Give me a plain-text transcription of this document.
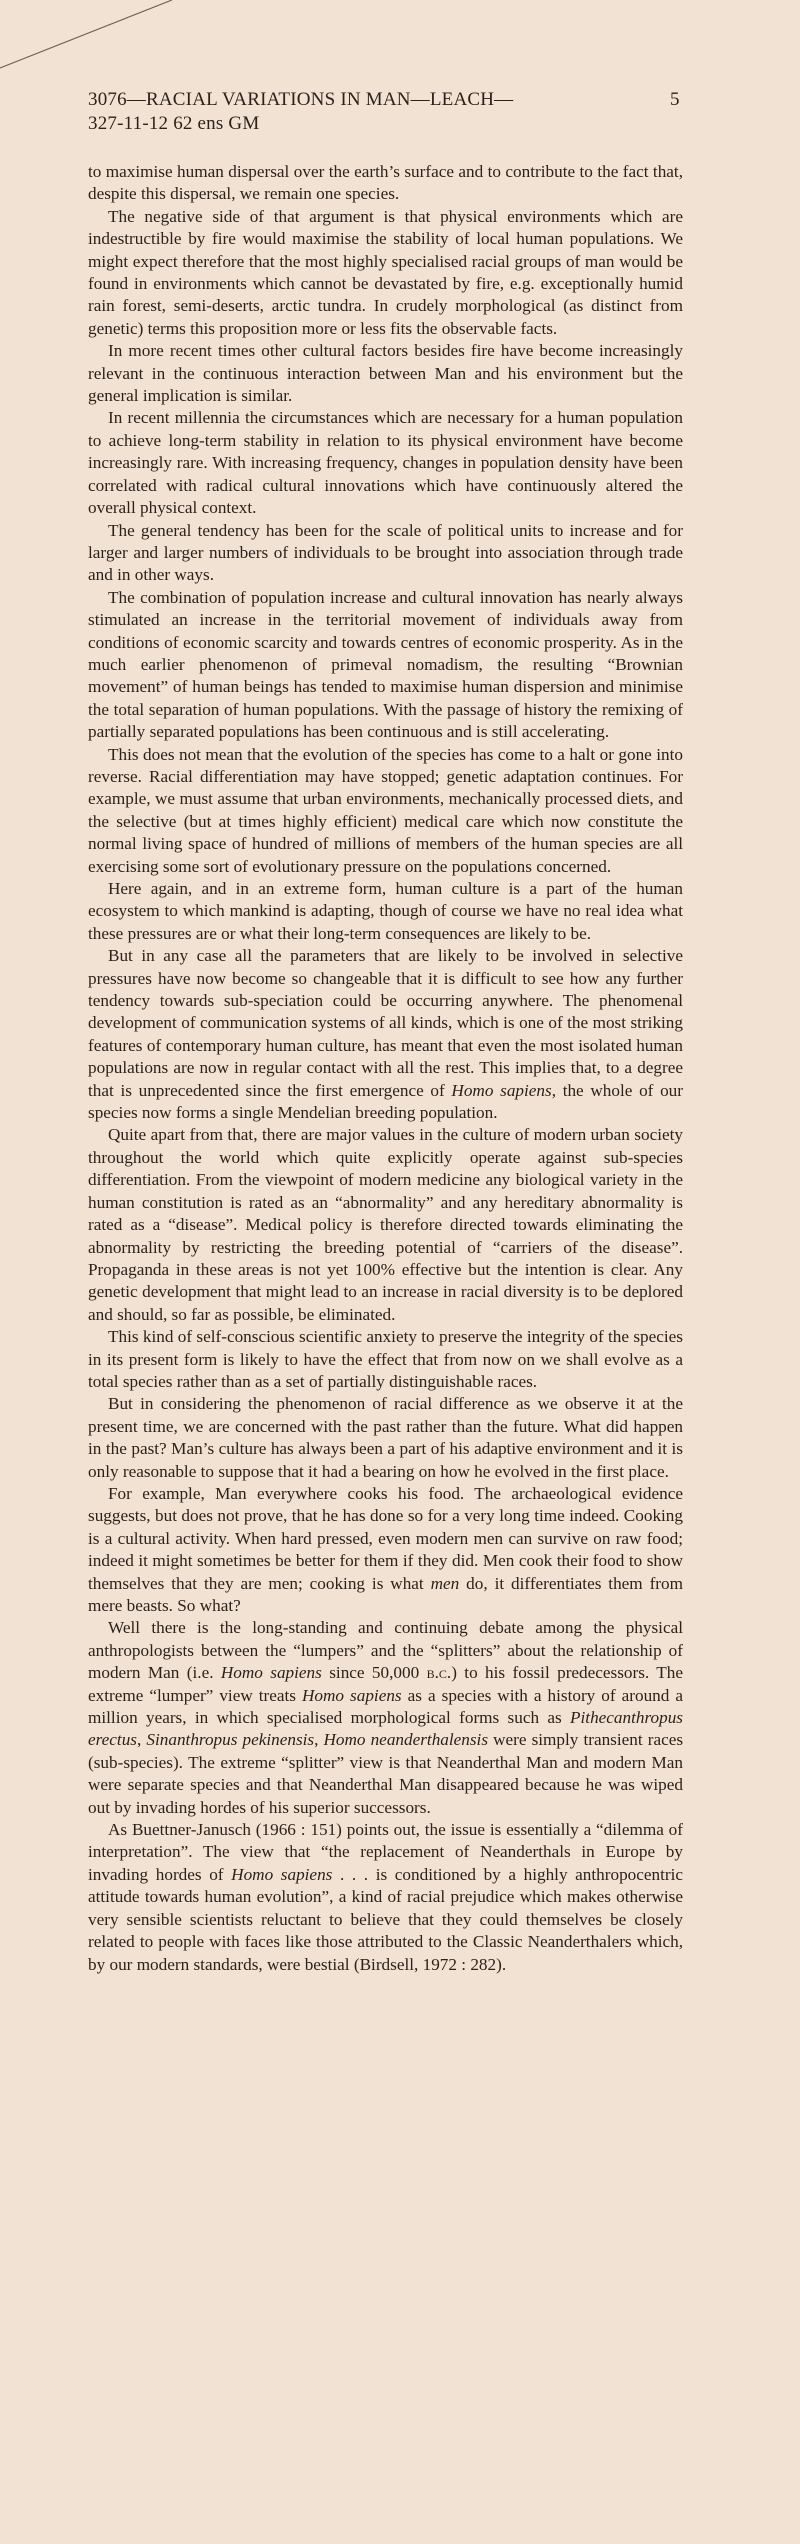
3076—RACIAL VARIATIONS IN MAN—LEACH—
327-11-12 62 ens GM
5

to maximise human dispersal over the earth’s surface and to contribute to the fact that, despite this dispersal, we remain one species.

The negative side of that argument is that physical environments which are indestructible by fire would maximise the stability of local human populations. We might expect therefore that the most highly specialised racial groups of man would be found in environments which cannot be devastated by fire, e.g. exceptionally humid rain forest, semi-deserts, arctic tundra. In crudely morphological (as distinct from genetic) terms this proposition more or less fits the observable facts.

In more recent times other cultural factors besides fire have become increasingly relevant in the continuous interaction between Man and his environment but the general implication is similar.

In recent millennia the circumstances which are necessary for a human population to achieve long-term stability in relation to its physical environment have become increasingly rare. With increasing frequency, changes in population density have been correlated with radical cultural innovations which have continuously altered the overall physical context.

The general tendency has been for the scale of political units to increase and for larger and larger numbers of individuals to be brought into association through trade and in other ways.

The combination of population increase and cultural innovation has nearly always stimulated an increase in the territorial movement of individuals away from conditions of economic scarcity and towards centres of economic prosperity. As in the much earlier phenomenon of primeval nomadism, the resulting “Brownian movement” of human beings has tended to maximise human dispersion and minimise the total separation of human populations. With the passage of history the remixing of partially separated populations has been continuous and is still accelerating.

This does not mean that the evolution of the species has come to a halt or gone into reverse. Racial differentiation may have stopped; genetic adaptation continues. For example, we must assume that urban environments, mechanically processed diets, and the selective (but at times highly efficient) medical care which now constitute the normal living space of hundred of millions of members of the human species are all exercising some sort of evolutionary pressure on the populations concerned.

Here again, and in an extreme form, human culture is a part of the human ecosystem to which mankind is adapting, though of course we have no real idea what these pressures are or what their long-term consequences are likely to be.

But in any case all the parameters that are likely to be involved in selective pressures have now become so changeable that it is difficult to see how any further tendency towards sub-speciation could be occurring anywhere. The phenomenal development of communication systems of all kinds, which is one of the most striking features of contemporary human culture, has meant that even the most isolated human populations are now in regular contact with all the rest. This implies that, to a degree that is unprecedented since the first emergence of Homo sapiens, the whole of our species now forms a single Mendelian breeding population.

Quite apart from that, there are major values in the culture of modern urban society throughout the world which quite explicitly operate against sub-species differentiation. From the viewpoint of modern medicine any biological variety in the human constitution is rated as an “abnormality” and any hereditary abnormality is rated as a “disease”. Medical policy is therefore directed towards eliminating the abnormality by restricting the breeding potential of “carriers of the disease”. Propaganda in these areas is not yet 100% effective but the intention is clear. Any genetic development that might lead to an increase in racial diversity is to be deplored and should, so far as possible, be eliminated.

This kind of self-conscious scientific anxiety to preserve the integrity of the species in its present form is likely to have the effect that from now on we shall evolve as a total species rather than as a set of partially distinguishable races.

But in considering the phenomenon of racial difference as we observe it at the present time, we are concerned with the past rather than the future. What did happen in the past? Man’s culture has always been a part of his adaptive environment and it is only reasonable to suppose that it had a bearing on how he evolved in the first place.

For example, Man everywhere cooks his food. The archaeological evidence suggests, but does not prove, that he has done so for a very long time indeed. Cooking is a cultural activity. When hard pressed, even modern men can survive on raw food; indeed it might sometimes be better for them if they did. Men cook their food to show themselves that they are men; cooking is what men do, it differentiates them from mere beasts. So what?

Well there is the long-standing and continuing debate among the physical anthropologists between the “lumpers” and the “splitters” about the relationship of modern Man (i.e. Homo sapiens since 50,000 b.c.) to his fossil predecessors. The extreme “lumper” view treats Homo sapiens as a species with a history of around a million years, in which specialised morphological forms such as Pithecanthropus erectus, Sinanthropus pekinensis, Homo neanderthalensis were simply transient races (sub-species). The extreme “splitter” view is that Neanderthal Man and modern Man were separate species and that Neanderthal Man disappeared because he was wiped out by invading hordes of his superior successors.

As Buettner-Janusch (1966 : 151) points out, the issue is essentially a “dilemma of interpretation”. The view that “the replacement of Neanderthals in Europe by invading hordes of Homo sapiens . . . is conditioned by a highly anthropocentric attitude towards human evolution”, a kind of racial prejudice which makes otherwise very sensible scientists reluctant to believe that they could themselves be closely related to people with faces like those attributed to the Classic Neanderthalers which, by our modern standards, were bestial (Birdsell, 1972 : 282).
